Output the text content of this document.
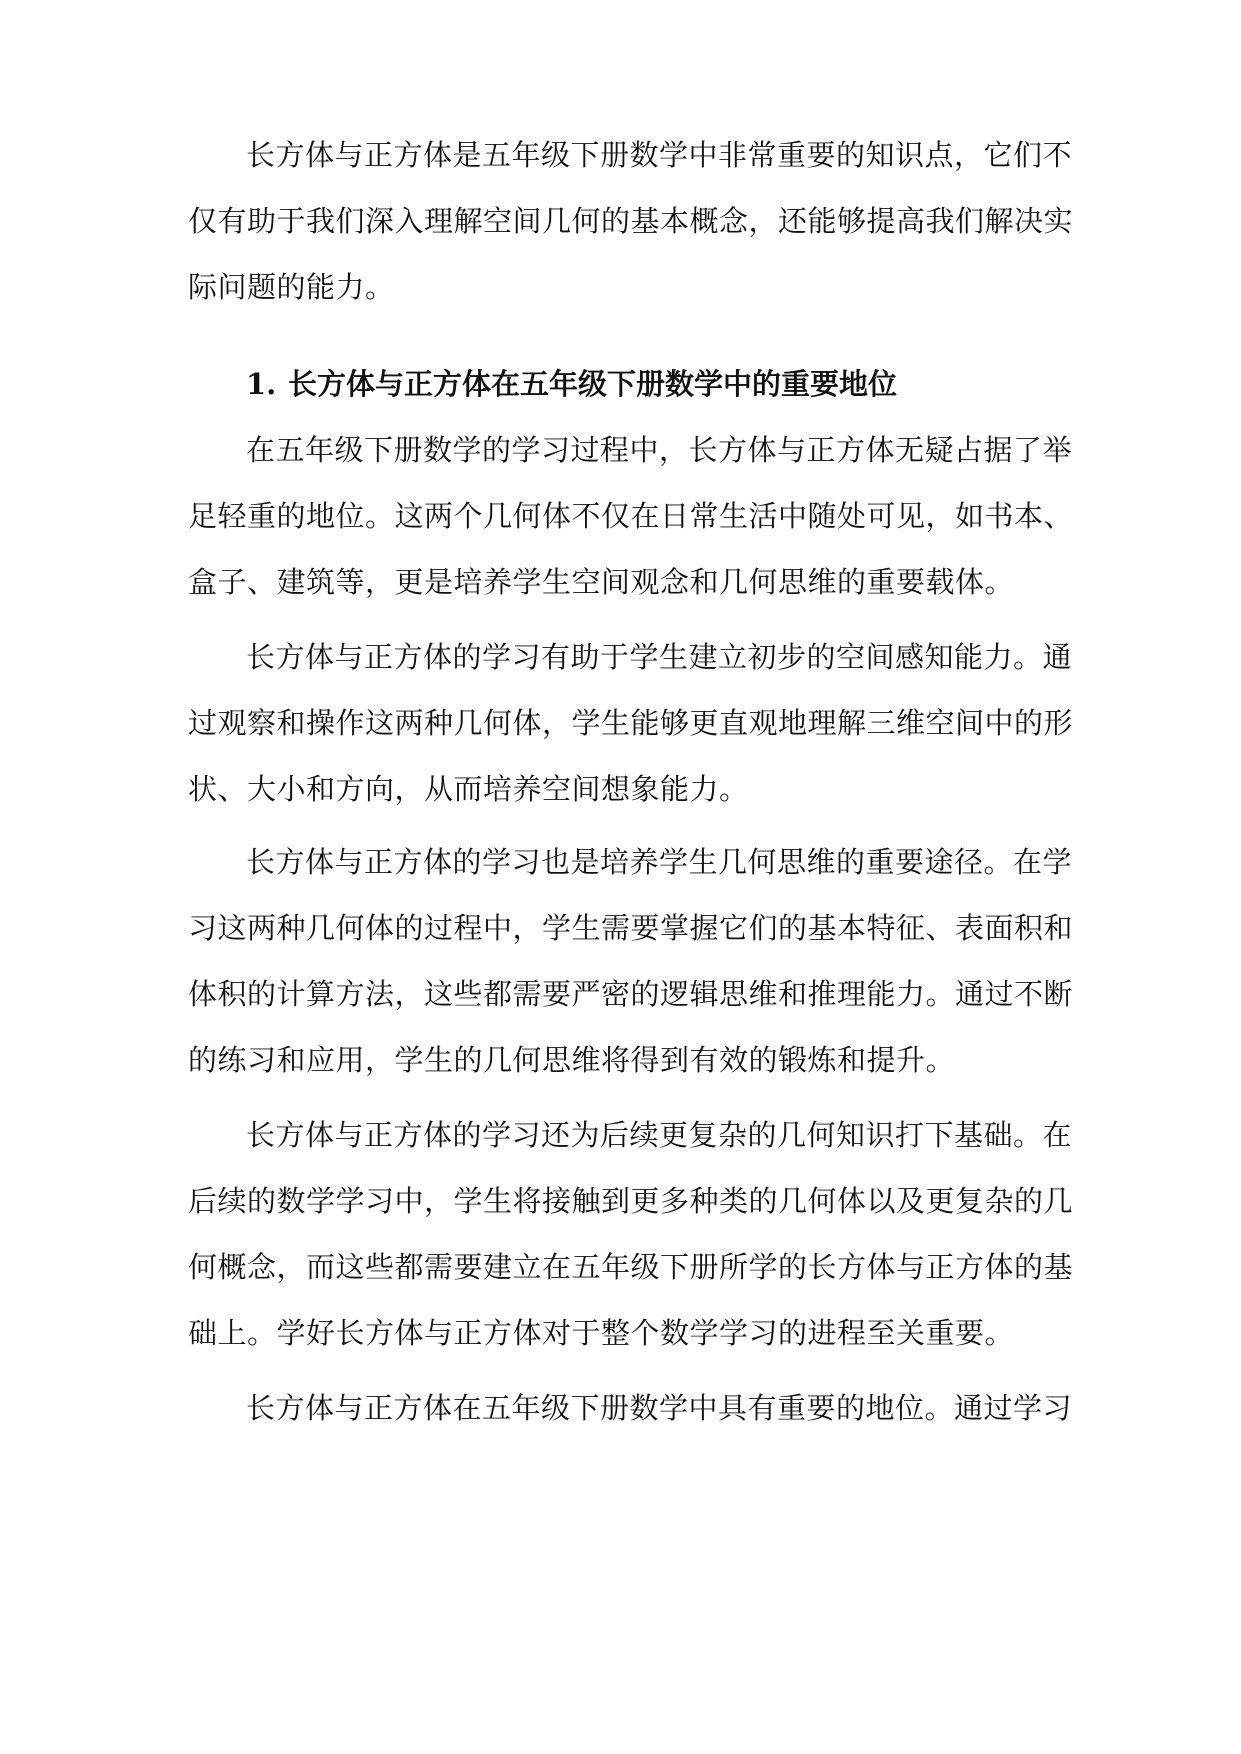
长方体与正方体是五年级下册数学中非常重要的知识点，它们不
仅有助于我们深入理解空间几何的基本概念，还能够提高我们解决实
际问题的能力。
1. 长方体与正方体在五年级下册数学中的重要地位
在五年级下册数学的学习过程中，长方体与正方体无疑占据了举
足轻重的地位。这两个几何体不仅在日常生活中随处可见，如书本、
盒子、建筑等，更是培养学生空间观念和几何思维的重要载体。
长方体与正方体的学习有助于学生建立初步的空间感知能力。通
过观察和操作这两种几何体，学生能够更直观地理解三维空间中的形
状、大小和方向，从而培养空间想象能力。
长方体与正方体的学习也是培养学生几何思维的重要途径。在学
习这两种几何体的过程中，学生需要掌握它们的基本特征、表面积和
体积的计算方法，这些都需要严密的逻辑思维和推理能力。通过不断
的练习和应用，学生的几何思维将得到有效的锻炼和提升。
长方体与正方体的学习还为后续更复杂的几何知识打下基础。在
后续的数学学习中，学生将接触到更多种类的几何体以及更复杂的几
何概念，而这些都需要建立在五年级下册所学的长方体与正方体的基
础上。学好长方体与正方体对于整个数学学习的进程至关重要。
长方体与正方体在五年级下册数学中具有重要的地位。通过学习
